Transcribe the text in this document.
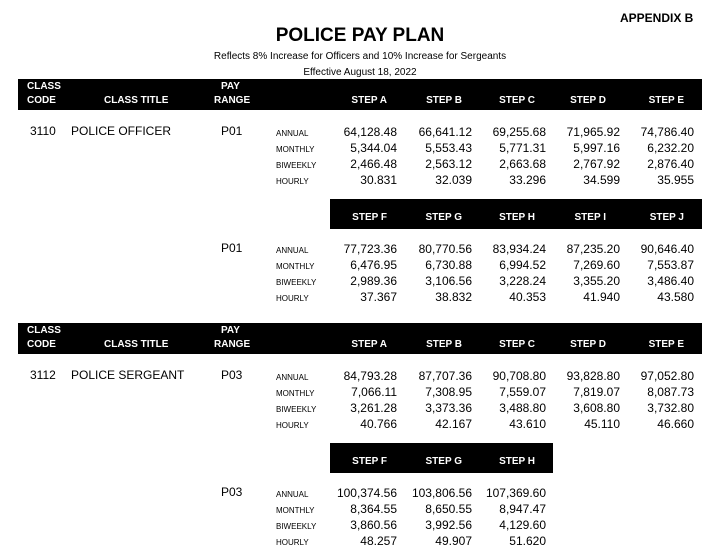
APPENDIX B
POLICE PAY PLAN
Reflects 8% Increase for Officers and 10% Increase for Sergeants
Effective August 18, 2022
CLASS
CODE	CLASS TITLE
PAY
RANGE	STEP A	STEP B	STEP C	STEP D	STEP E
3110 POLICE OFFICER	P01	ANNUAL	64,128.48	66,641.12	69,255.68	71,965.92	74,786.40
MONTHLY	5,344.04	5,553.43	5,771.31	5,997.16	6,232.20
BIWEEKLY	2,466.48	2,563.12	2,663.68	2,767.92	2,876.40
HOURLY	30.831	32.039	33.296	34.599	35.955
STEP F	STEP G	STEP H	STEP I	STEP J
P01	ANNUAL	77,723.36	80,770.56	83,934.24	87,235.20	90,646.40
MONTHLY	6,476.95	6,730.88	6,994.52	7,269.60	7,553.87
BIWEEKLY	2,989.36	3,106.56	3,228.24	3,355.20	3,486.40
HOURLY	37.367	38.832	40.353	41.940	43.580
CLASS
CODE	CLASS TITLE
PAY
RANGE	STEP A	STEP B	STEP C	STEP D	STEP E
3112 POLICE SERGEANT	P03	ANNUAL	84,793.28	87,707.36	90,708.80	93,828.80	97,052.80
MONTHLY	7,066.11	7,308.95	7,559.07	7,819.07	8,087.73
BIWEEKLY	3,261.28	3,373.36	3,488.80	3,608.80	3,732.80
HOURLY	40.766	42.167	43.610	45.110	46.660
STEP F	STEP G	STEP H
P03	ANNUAL	100,374.56	103,806.56	107,369.60
MONTHLY	8,364.55	8,650.55	8,947.47
BIWEEKLY	3,860.56	3,992.56	4,129.60
HOURLY	48.257	49.907	51.620
